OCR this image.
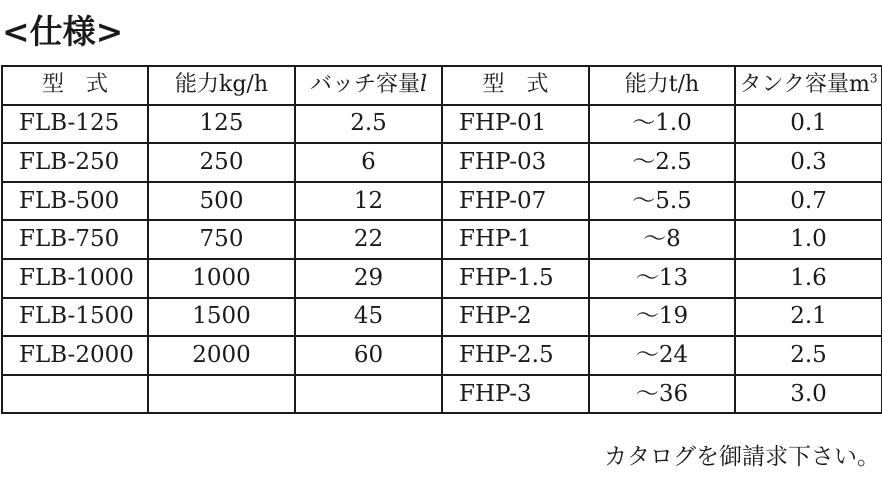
<仕様>
型　式	能力kg/h	バッチ容量l	型　式	能力t/h	タンク容量$m^3$
FLB-125	125	2.5	FHP-01	～1.0	0.1
FLB-250	250	6	FHP-03	～2.5	0.3
FLB-500	500	12	FHP-07	～5.5	0.7
FLB-750	750	22	FHP-1	～8	1.0
FLB-1000	1000	29	FHP-1.5	～13	1.6
FLB-1500	1500	45	FHP-2	～19	2.1
FLB-2000	2000	60	FHP-2.5	～24	2.5
			FHP-3	～36	3.0
カタログを御請求下さい。
